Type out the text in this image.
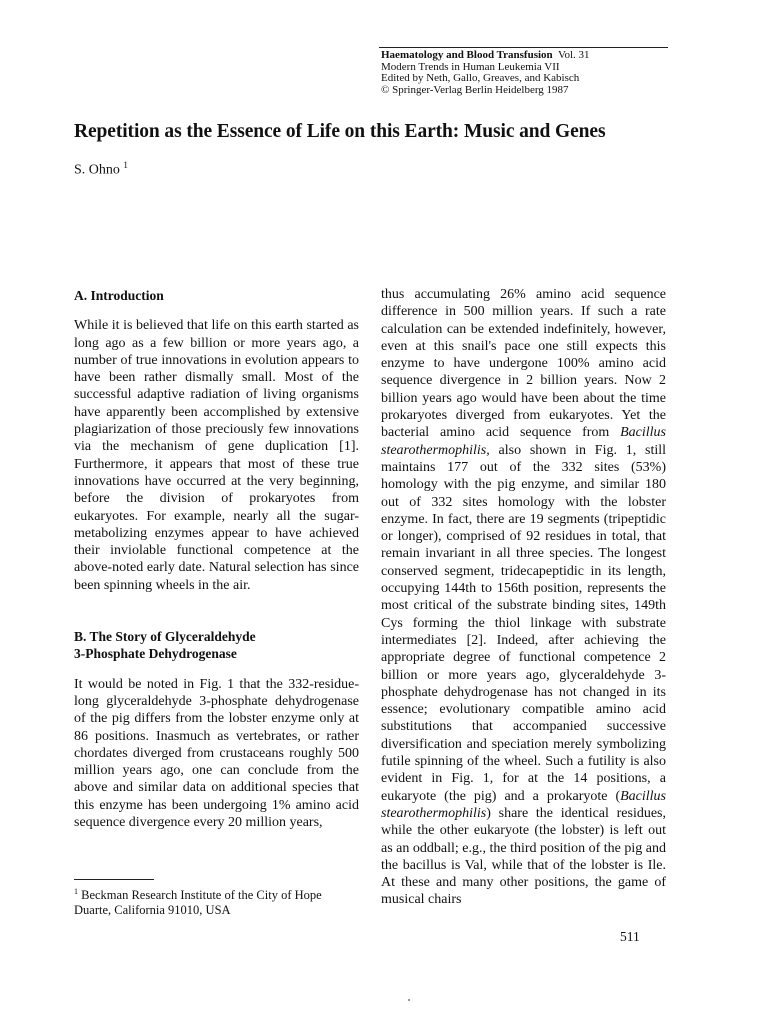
Haematology and Blood Transfusion Vol. 31
Modern Trends in Human Leukemia VII
Edited by Neth, Gallo, Greaves, and Kabisch
© Springer-Verlag Berlin Heidelberg 1987
Repetition as the Essence of Life on this Earth: Music and Genes
S. Ohno $^1$
A. Introduction

While it is believed that life on this earth started as long ago as a few billion or more years ago, a number of true innovations in evolution appears to have been rather dismally small. Most of the successful adaptive radiation of living organisms have apparently been accomplished by extensive plagiarization of those preciously few innovations via the mechanism of gene duplication [1]. Furthermore, it appears that most of these true innovations have occurred at the very beginning, before the division of prokaryotes from eukaryotes. For example, nearly all the sugar-metabolizing enzymes appear to have achieved their inviolable functional competence at the above-noted early date. Natural selection has since been spinning wheels in the air.

B. The Story of Glyceraldehyde
3-Phosphate Dehydrogenase

It would be noted in Fig. 1 that the 332-residue-long glyceraldehyde 3-phosphate dehydrogenase of the pig differs from the lobster enzyme only at 86 positions. Inasmuch as vertebrates, or rather chordates diverged from crustaceans roughly 500 million years ago, one can conclude from the above and similar data on additional species that this enzyme has been undergoing 1% amino acid sequence divergence every 20 million years,

thus accumulating 26% amino acid sequence difference in 500 million years. If such a rate calculation can be extended indefinitely, however, even at this snail's pace one still expects this enzyme to have undergone 100% amino acid sequence divergence in 2 billion years. Now 2 billion years ago would have been about the time prokaryotes diverged from eukaryotes. Yet the bacterial amino acid sequence from Bacillus stearothermophilis, also shown in Fig. 1, still maintains 177 out of the 332 sites (53%) homology with the pig enzyme, and similar 180 out of 332 sites homology with the lobster enzyme. In fact, there are 19 segments (tripeptidic or longer), comprised of 92 residues in total, that remain invariant in all three species. The longest conserved segment, tridecapeptidic in its length, occupying 144th to 156th position, represents the most critical of the substrate binding sites, 149th Cys forming the thiol linkage with substrate intermediates [2]. Indeed, after achieving the appropriate degree of functional competence 2 billion or more years ago, glyceraldehyde 3-phosphate dehydrogenase has not changed in its essence; evolutionary compatible amino acid substitutions that accompanied successive diversification and speciation merely symbolizing futile spinning of the wheel. Such a futility is also evident in Fig. 1, for at the 14 positions, a eukaryote (the pig) and a prokaryote (Bacillus stearothermophilis) share the identical residues, while the other eukaryote (the lobster) is left out as an oddball; e.g., the third position of the pig and the bacillus is Val, while that of the lobster is Ile. At these and many other positions, the game of musical chairs

$^1$ Beckman Research Institute of the City of Hope
Duarte, California 91010, USA
511
